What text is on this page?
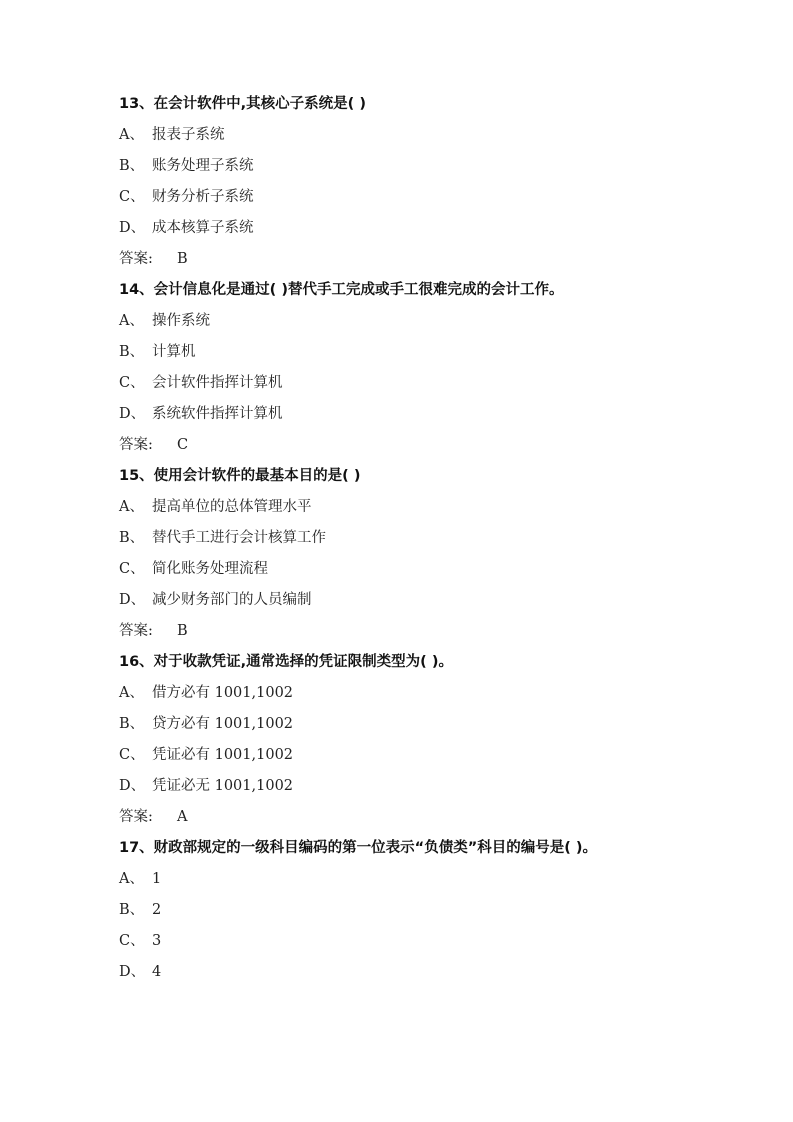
13、在会计软件中,其核心子系统是( )
A、 报表子系统
B、 账务处理子系统
C、 财务分析子系统
D、 成本核算子系统
答案: B
14、会计信息化是通过( )替代手工完成或手工很难完成的会计工作。
A、 操作系统
B、 计算机
C、 会计软件指挥计算机
D、 系统软件指挥计算机
答案: C
15、使用会计软件的最基本目的是( )
A、 提高单位的总体管理水平
B、 替代手工进行会计核算工作
C、 简化账务处理流程
D、 减少财务部门的人员编制
答案: B
16、对于收款凭证,通常选择的凭证限制类型为( )。
A、 借方必有 1001,1002
B、 贷方必有 1001,1002
C、 凭证必有 1001,1002
D、 凭证必无 1001,1002
答案: A
17、财政部规定的一级科目编码的第一位表示“负债类”科目的编号是( )。
A、 1
B、 2
C、 3
D、 4
